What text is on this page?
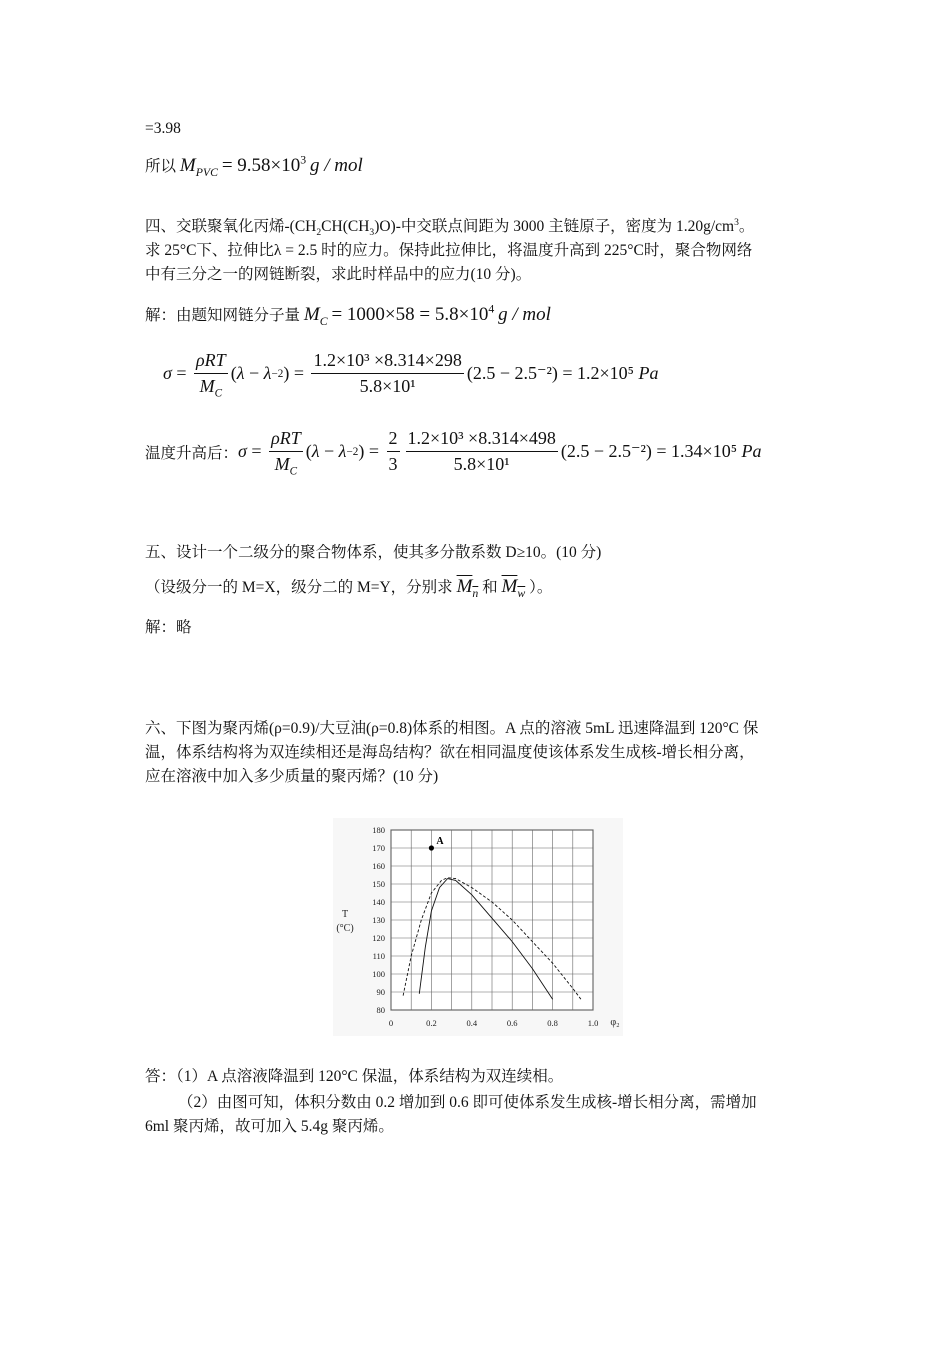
=3.98
所以 $M_{PVC} = 9.58\times 10^3$ g / mol
四、交联聚氧化丙烯$-(CH_2CH(CH_3)O)-$中交联点间距为 3000 主链原子，密度为 $1.20g/cm^3$。
求 25°C下、拉伸比λ = 2.5 时的应力。保持此拉伸比，将温度升高到 225°C时，聚合物网络
中有三分之一的网链断裂，求此时样品中的应力(10 分)。
解：由题知网链分子量 $M_C = 1000\times 58 = 5.8\times 10^4$ g / mol
$\sigma = \frac{\text{ρRT}}{M_C}$ ( λ − λ −2 ) = $\frac{\text{1.2×10³ ×8.314×298}}{\text{5.8×10¹}} (2.5 - 2.5^{-2}) = 1.2\times 10^5$
Pa
温度升高后： $\sigma = \frac{\text{ρRT}}{M_C}$ ( λ − λ −2 ) = $\frac{2}{3} \frac{\text{1.2×10³ ×8.314×498}}{\text{5.8×10¹}} (2.5 - 2.5^{-2}) = 1.34\times 10^5$
Pa
五、设计一个二级分的聚合物体系，使其多分散系数 D≥10。(10 分)
（设级分一的 M=X，级分二的 M=Y，分别求 $M_n$ 和 $M_w$ ）。
解：略
六、下图为聚丙烯(ρ=0.9)/大豆油(ρ=0.8)体系的相图。A 点的溶液 5mL 迅速降温到 120°C 保
温，体系结构将为双连续相还是海岛结构？欲在相同温度使该体系发生成核-增长相分离，
应在溶液中加入多少质量的聚丙烯？(10 分)
80
90
100
110
120
130
140
150
160
170
180
0	0.2	0.4	0.6	0.8	1.0
T
(°C)
φ₂
A
答：（1）A 点溶液降温到 120°C 保温，体系结构为双连续相。
（2）由图可知，体积分数由 0.2 增加到 0.6 即可使体系发生成核-增长相分离，需增加
6ml 聚丙烯，故可加入 5.4g 聚丙烯。
